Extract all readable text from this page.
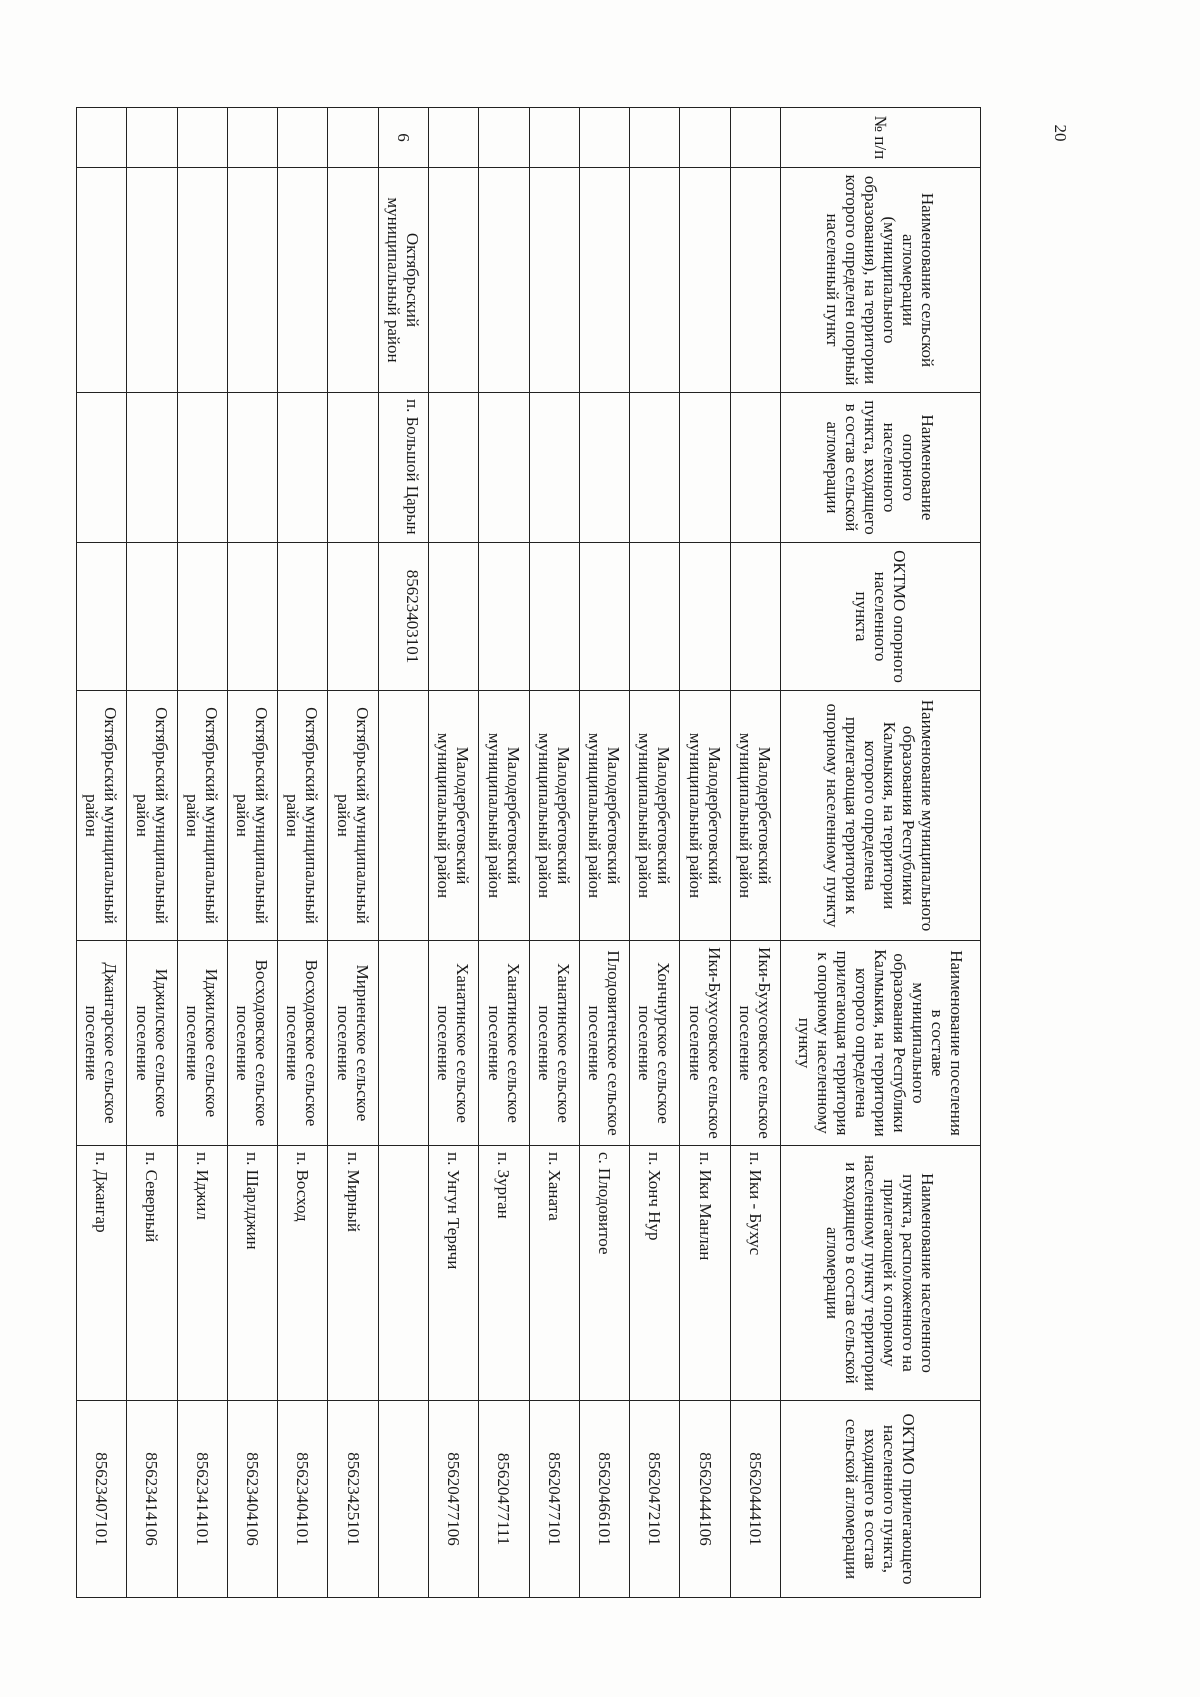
20
№ п/п	Наименование сельской агломерации (муниципального образования), на территории которого определен опорный населенный пункт	Наименование опорного населенного пункта, входящего в состав сельской агломерации	ОКТМО опорного населенного пункта	Наименование муниципального образования Республики Калмыкия, на территории которого определена прилегающая территория к опорному населенному пункту	Наименование поселения в составе муниципального образования Республики Калмыкия, на территории которого определена прилегающая территория к опорному населенному пункту	Наименование населенного пункта, расположенного на прилегающей к опорному населенному пункту территории и входящего в состав сельской агломерации	ОКТМО прилегающего населенного пункта, входящего в состав сельской агломерации
				Малодербетовский муниципальный район	Ики-Бухусовское сельское поселение	п. Ики - Бухус	85620444101
				Малодербетовский муниципальный район	Ики-Бухусовское сельское поселение	п. Ики Манлан	85620444106
				Малодербетовский муниципальный район	Хончнурское сельское поселение	п. Хонч Нур	85620472101
				Малодербетовский муниципальный район	Плодовитенское сельское поселение	с. Плодовитое	85620466101
				Малодербетовский муниципальный район	Ханатинское сельское поселение	п. Ханата	85620477101
				Малодербетовский муниципальный район	Ханатинское сельское поселение	п. Зурган	85620477111
				Малодербетовский муниципальный район	Ханатинское сельское поселение	п. Унгун Терячи	85620477106
6	Октябрьский муниципальный район	п. Большой Царын	85623403101				
				Октябрьский муниципальный район	Мирненское сельское поселение	п. Мирный	85623425101
				Октябрьский муниципальный район	Восходовское сельское поселение	п. Восход	85623404101
				Октябрьский муниципальный район	Восходовское сельское поселение	п. Шарлджин	85623404106
				Октябрьский муниципальный район	Иджилское сельское поселение	п. Иджил	85623414101
				Октябрьский муниципальный район	Иджилское сельское поселение	п. Северный	85623414106
				Октябрьский муниципальный район	Джангарское сельское поселение	п. Джангар	85623407101
